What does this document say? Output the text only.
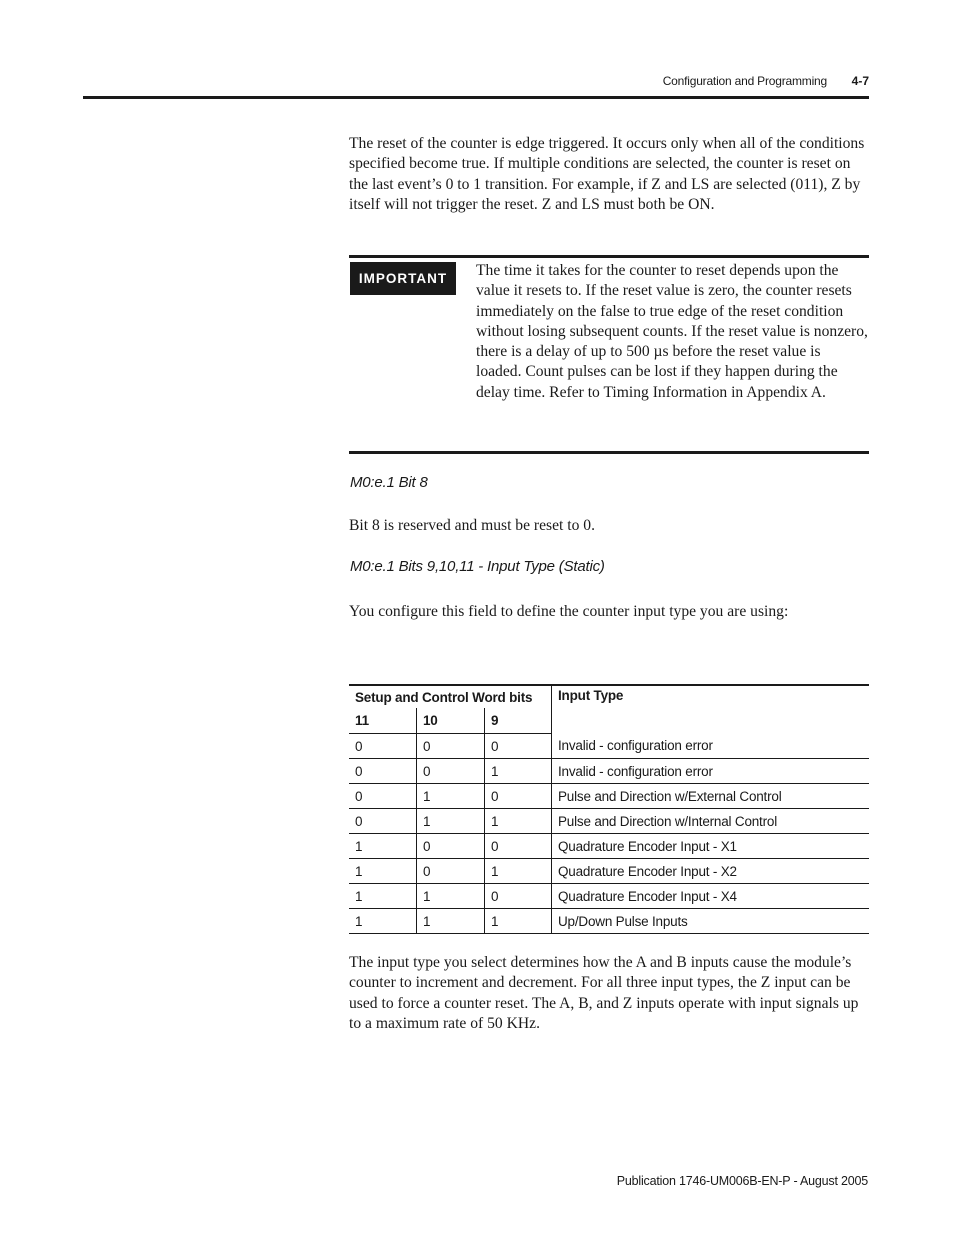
Configuration and Programming 4-7
The reset of the counter is edge triggered. It occurs only when all of the conditions specified become true. If multiple conditions are selected, the counter is reset on the last event’s 0 to 1 transition. For example, if Z and LS are selected (011), Z by itself will not trigger the reset. Z and LS must both be ON.
IMPORTANT	The time it takes for the counter to reset depends upon the value it resets to. If the reset value is zero, the counter resets immediately on the false to true edge of the reset condition without losing subsequent counts. If the reset value is nonzero, there is a delay of up to 500 µs before the reset value is loaded. Count pulses can be lost if they happen during the delay time. Refer to Timing Information in Appendix A.
M0:e.1 Bit 8
Bit 8 is reserved and must be reset to 0.
M0:e.1 Bits 9,10,11 - Input Type (Static)
You configure this field to define the counter input type you are using:
Setup and Control Word bits			Input Type
11	10	9	
0	0	0	Invalid - configuration error
0	0	1	Invalid - configuration error
0	1	0	Pulse and Direction w/External Control
0	1	1	Pulse and Direction w/Internal Control
1	0	0	Quadrature Encoder Input - X1
1	0	1	Quadrature Encoder Input - X2
1	1	0	Quadrature Encoder Input - X4
1	1	1	Up/Down Pulse Inputs
The input type you select determines how the A and B inputs cause the module’s counter to increment and decrement. For all three input types, the Z input can be used to force a counter reset. The A, B, and Z inputs operate with input signals up to a maximum rate of 50 KHz.
Publication 1746-UM006B-EN-P - August 2005
